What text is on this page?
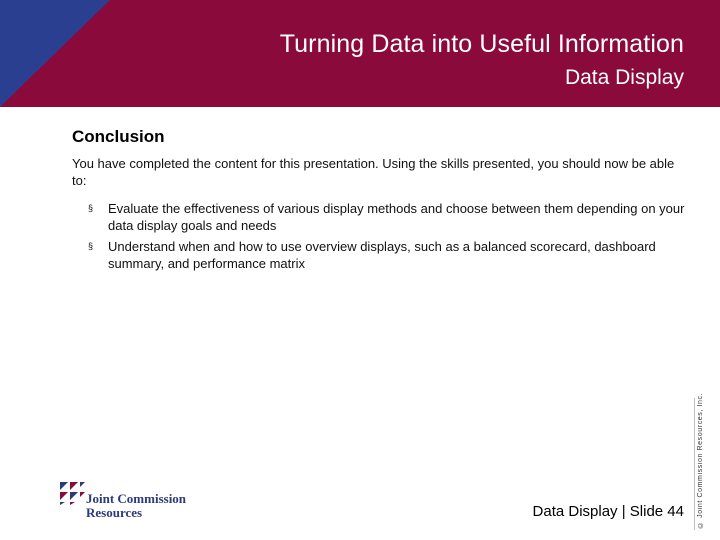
Turning Data into Useful Information
Data Display
Conclusion
You have completed the content for this presentation. Using the skills presented, you should now be able to:
§ Evaluate the effectiveness of various display methods and choose between them depending on your data display goals and needs
§ Understand when and how to use overview displays, such as a balanced scorecard, dashboard summary, and performance matrix
© Joint Commission Resources, Inc.
Joint Commission
Resources	Data Display | Slide 44
